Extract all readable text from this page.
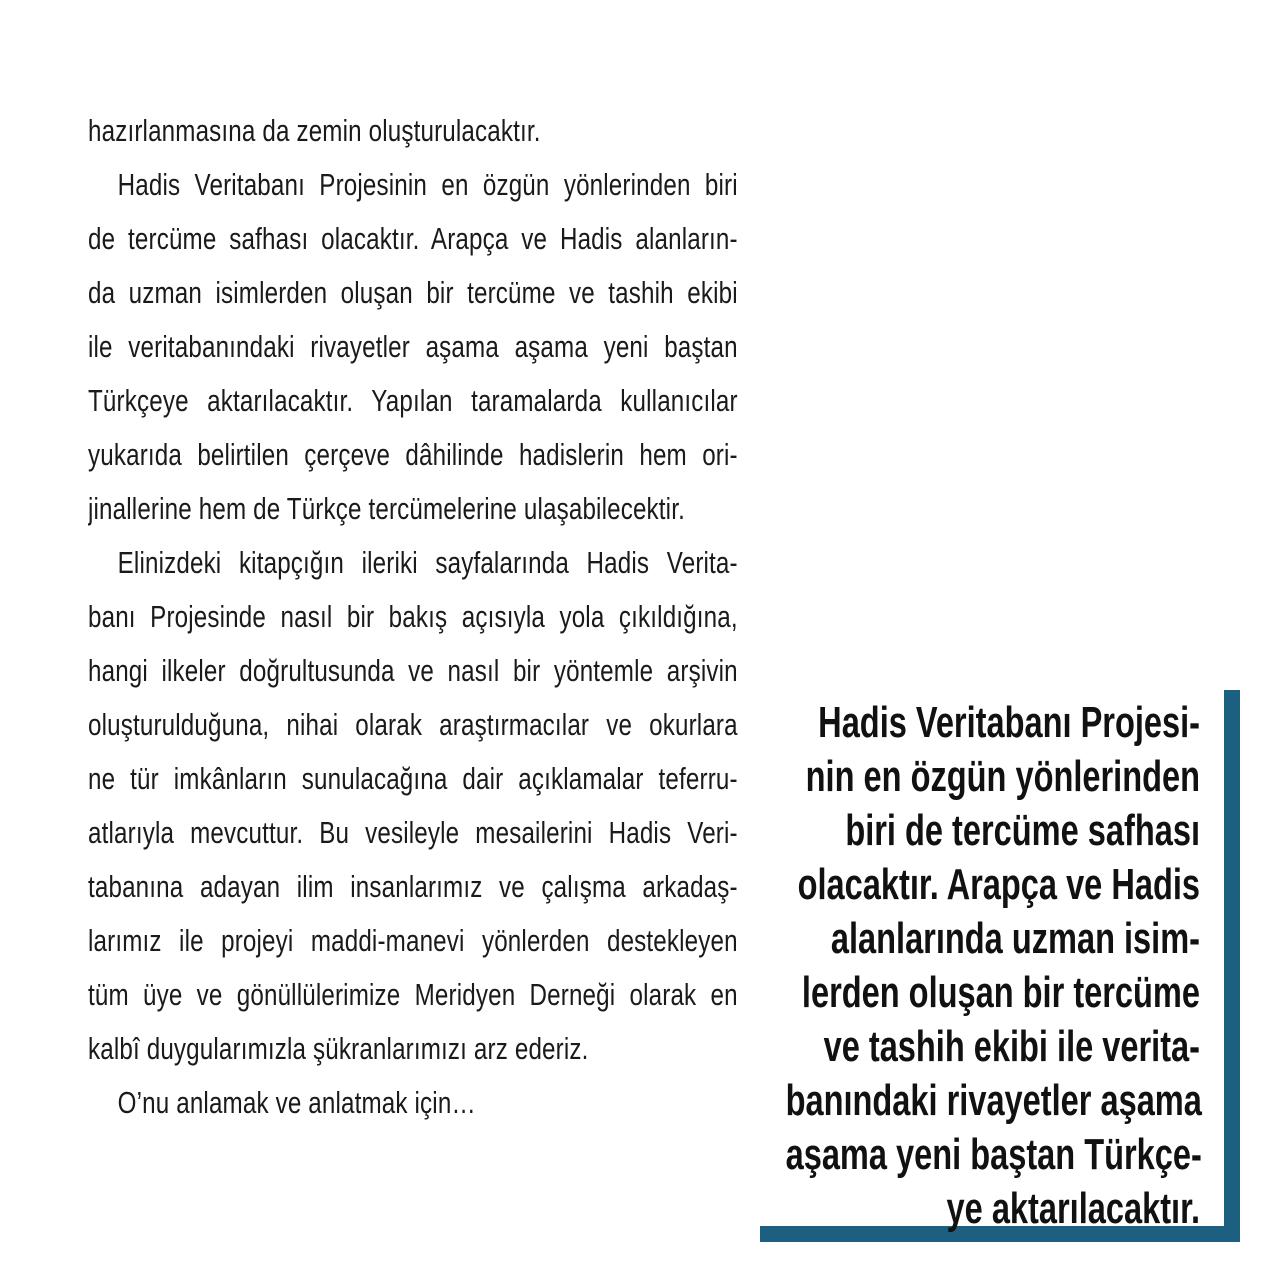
hazırlanmasına da zemin oluşturulacaktır.
Hadis Veritabanı Projesinin en özgün yönlerinden biri
de tercüme safhası olacaktır. Arapça ve Hadis alanların-
da uzman isimlerden oluşan bir tercüme ve tashih ekibi
ile veritabanındaki rivayetler aşama aşama yeni baştan
Türkçeye aktarılacaktır. Yapılan taramalarda kullanıcılar
yukarıda belirtilen çerçeve dâhilinde hadislerin hem ori-
jinallerine hem de Türkçe tercümelerine ulaşabilecektir.
Elinizdeki kitapçığın ileriki sayfalarında Hadis Verita-
banı Projesinde nasıl bir bakış açısıyla yola çıkıldığına,
hangi ilkeler doğrultusunda ve nasıl bir yöntemle arşivin
oluşturulduğuna, nihai olarak araştırmacılar ve okurlara
ne tür imkânların sunulacağına dair açıklamalar teferru-
atlarıyla mevcuttur. Bu vesileyle mesailerini Hadis Veri-
tabanına adayan ilim insanlarımız ve çalışma arkadaş-
larımız ile projeyi maddi-manevi yönlerden destekleyen
tüm üye ve gönüllülerimize Meridyen Derneği olarak en
kalbî duygularımızla şükranlarımızı arz ederiz.
O’nu anlamak ve anlatmak için…
Hadis Veritabanı Projesi-
nin en özgün yönlerinden
biri de tercüme safhası
olacaktır. Arapça ve Hadis
alanlarında uzman isim-
lerden oluşan bir tercüme
ve tashih ekibi ile verita-
banındaki rivayetler aşama
aşama yeni baştan Türkçe-
ye aktarılacaktır.
